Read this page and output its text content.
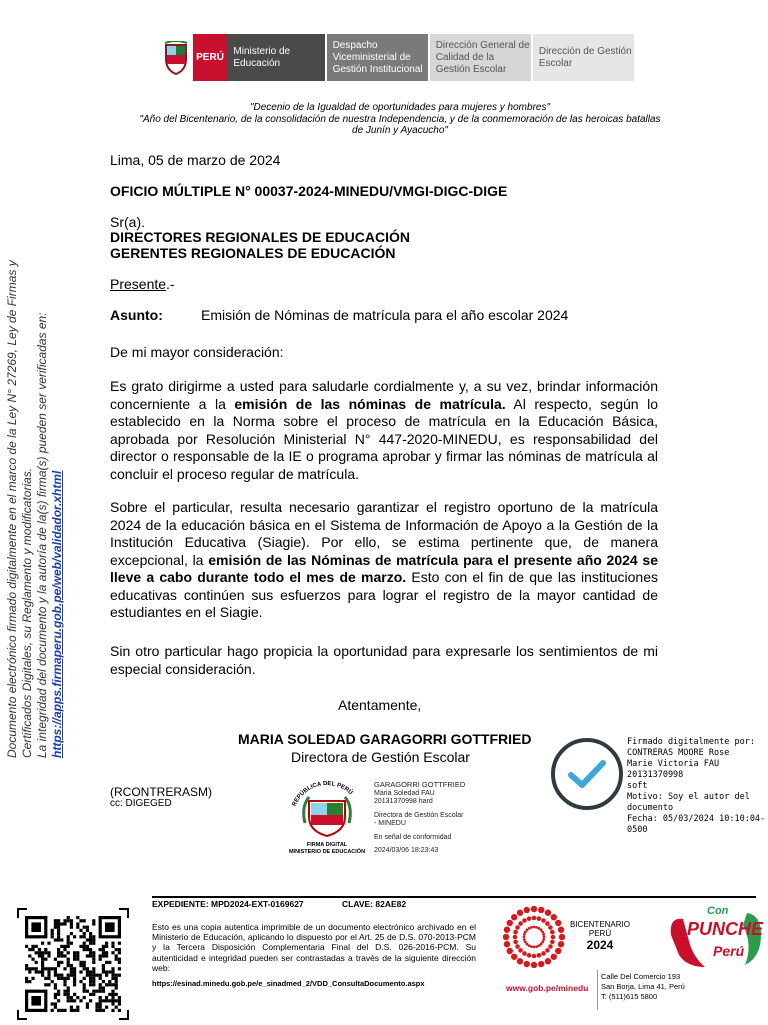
PERÚ
Ministerio de Educación
Despacho Viceministerial de Gestión Institucional
Dirección General de Calidad de la Gestión Escolar
Dirección de Gestión Escolar
"Decenio de la Igualdad de oportunidades para mujeres y hombres"
"Año del Bicentenario, de la consolidación de nuestra Independencia, y de la conmemoración de las heroicas batallas de Junín y Ayacucho"
Documento electrónico firmado digitalmente en el marco de la Ley N° 27269, Ley de Firmas y Certificados Digitales, su Reglamento y modificatorias. La integridad del documento y la autoría de la(s) firma(s) pueden ser verificadas en: https://apps.firmaperu.gob.pe/web/validador.xhtml
Lima, 05 de marzo de 2024
OFICIO MÚLTIPLE N° 00037-2024-MINEDU/VMGI-DIGC-DIGE
Sr(a).
DIRECTORES REGIONALES DE EDUCACIÓN
GERENTES REGIONALES DE EDUCACIÓN
Presente.-
Asunto:	Emisión de Nóminas de matrícula para el año escolar 2024
De mi mayor consideración:
Es grato dirigirme a usted para saludarle cordialmente y, a su vez, brindar información concerniente a la emisión de las nóminas de matrícula. Al respecto, según lo establecido en la Norma sobre el proceso de matrícula en la Educación Básica, aprobada por Resolución Ministerial N° 447-2020-MINEDU, es responsabilidad del director o responsable de la IE o programa aprobar y firmar las nóminas de matrícula al concluir el proceso regular de matrícula.
Sobre el particular, resulta necesario garantizar el registro oportuno de la matrícula 2024 de la educación básica en el Sistema de Información de Apoyo a la Gestión de la Institución Educativa (Siagie). Por ello, se estima pertinente que, de manera excepcional, la emisión de las Nóminas de matrícula para el presente año 2024 se lleve a cabo durante todo el mes de marzo. Esto con el fin de que las instituciones educativas continúen sus esfuerzos para lograr el registro de la mayor cantidad de estudiantes en el Siagie.
Sin otro particular hago propicia la oportunidad para expresarle los sentimientos de mi especial consideración.
Atentamente,
MARIA SOLEDAD GARAGORRI GOTTFRIED
Directora de Gestión Escolar
(RCONTRERASM)
cc: DIGEGED	REPÚBLICA DEL PERÚ
FIRMA DIGITAL
MINISTERIO DE EDUCACIÓN
GARAGORRI GOTTFRIED
Maria Soledad FAU
20131370998 hard
Directora de Gestión Escolar
- MINEDU
En señal de conformidad
2024/03/06 18:23:43
Firmado digitalmente por:
CONTRERAS MOORE Rose
Marie Victoria FAU 20131370998
soft
Motivo: Soy el autor del
documento
Fecha: 05/03/2024 10:10:04-0500
EXPEDIENTE: MPD2024-EXT-0169627	CLAVE: 82AE82
Esto es una copia autentica imprimible de un documento electrónico archivado en el Ministerio de Educación, aplicando lo dispuesto por el Art. 25 de D.S. 070-2013-PCM y la Tercera Disposición Complementaria Final del D.S. 026-2016-PCM. Su autenticidad e integridad pueden ser contrastadas a través de la siguiente dirección web:
https://esinad.minedu.gob.pe/e_sinadmed_2/VDD_ConsultaDocumento.aspx
BICENTENARIO
PERÚ
2024
Con
PUNCHE
Perú
www.gob.pe/minedu
Calle Del Comercio 193
San Borja, Lima 41, Perú
T: (511)615 5800
